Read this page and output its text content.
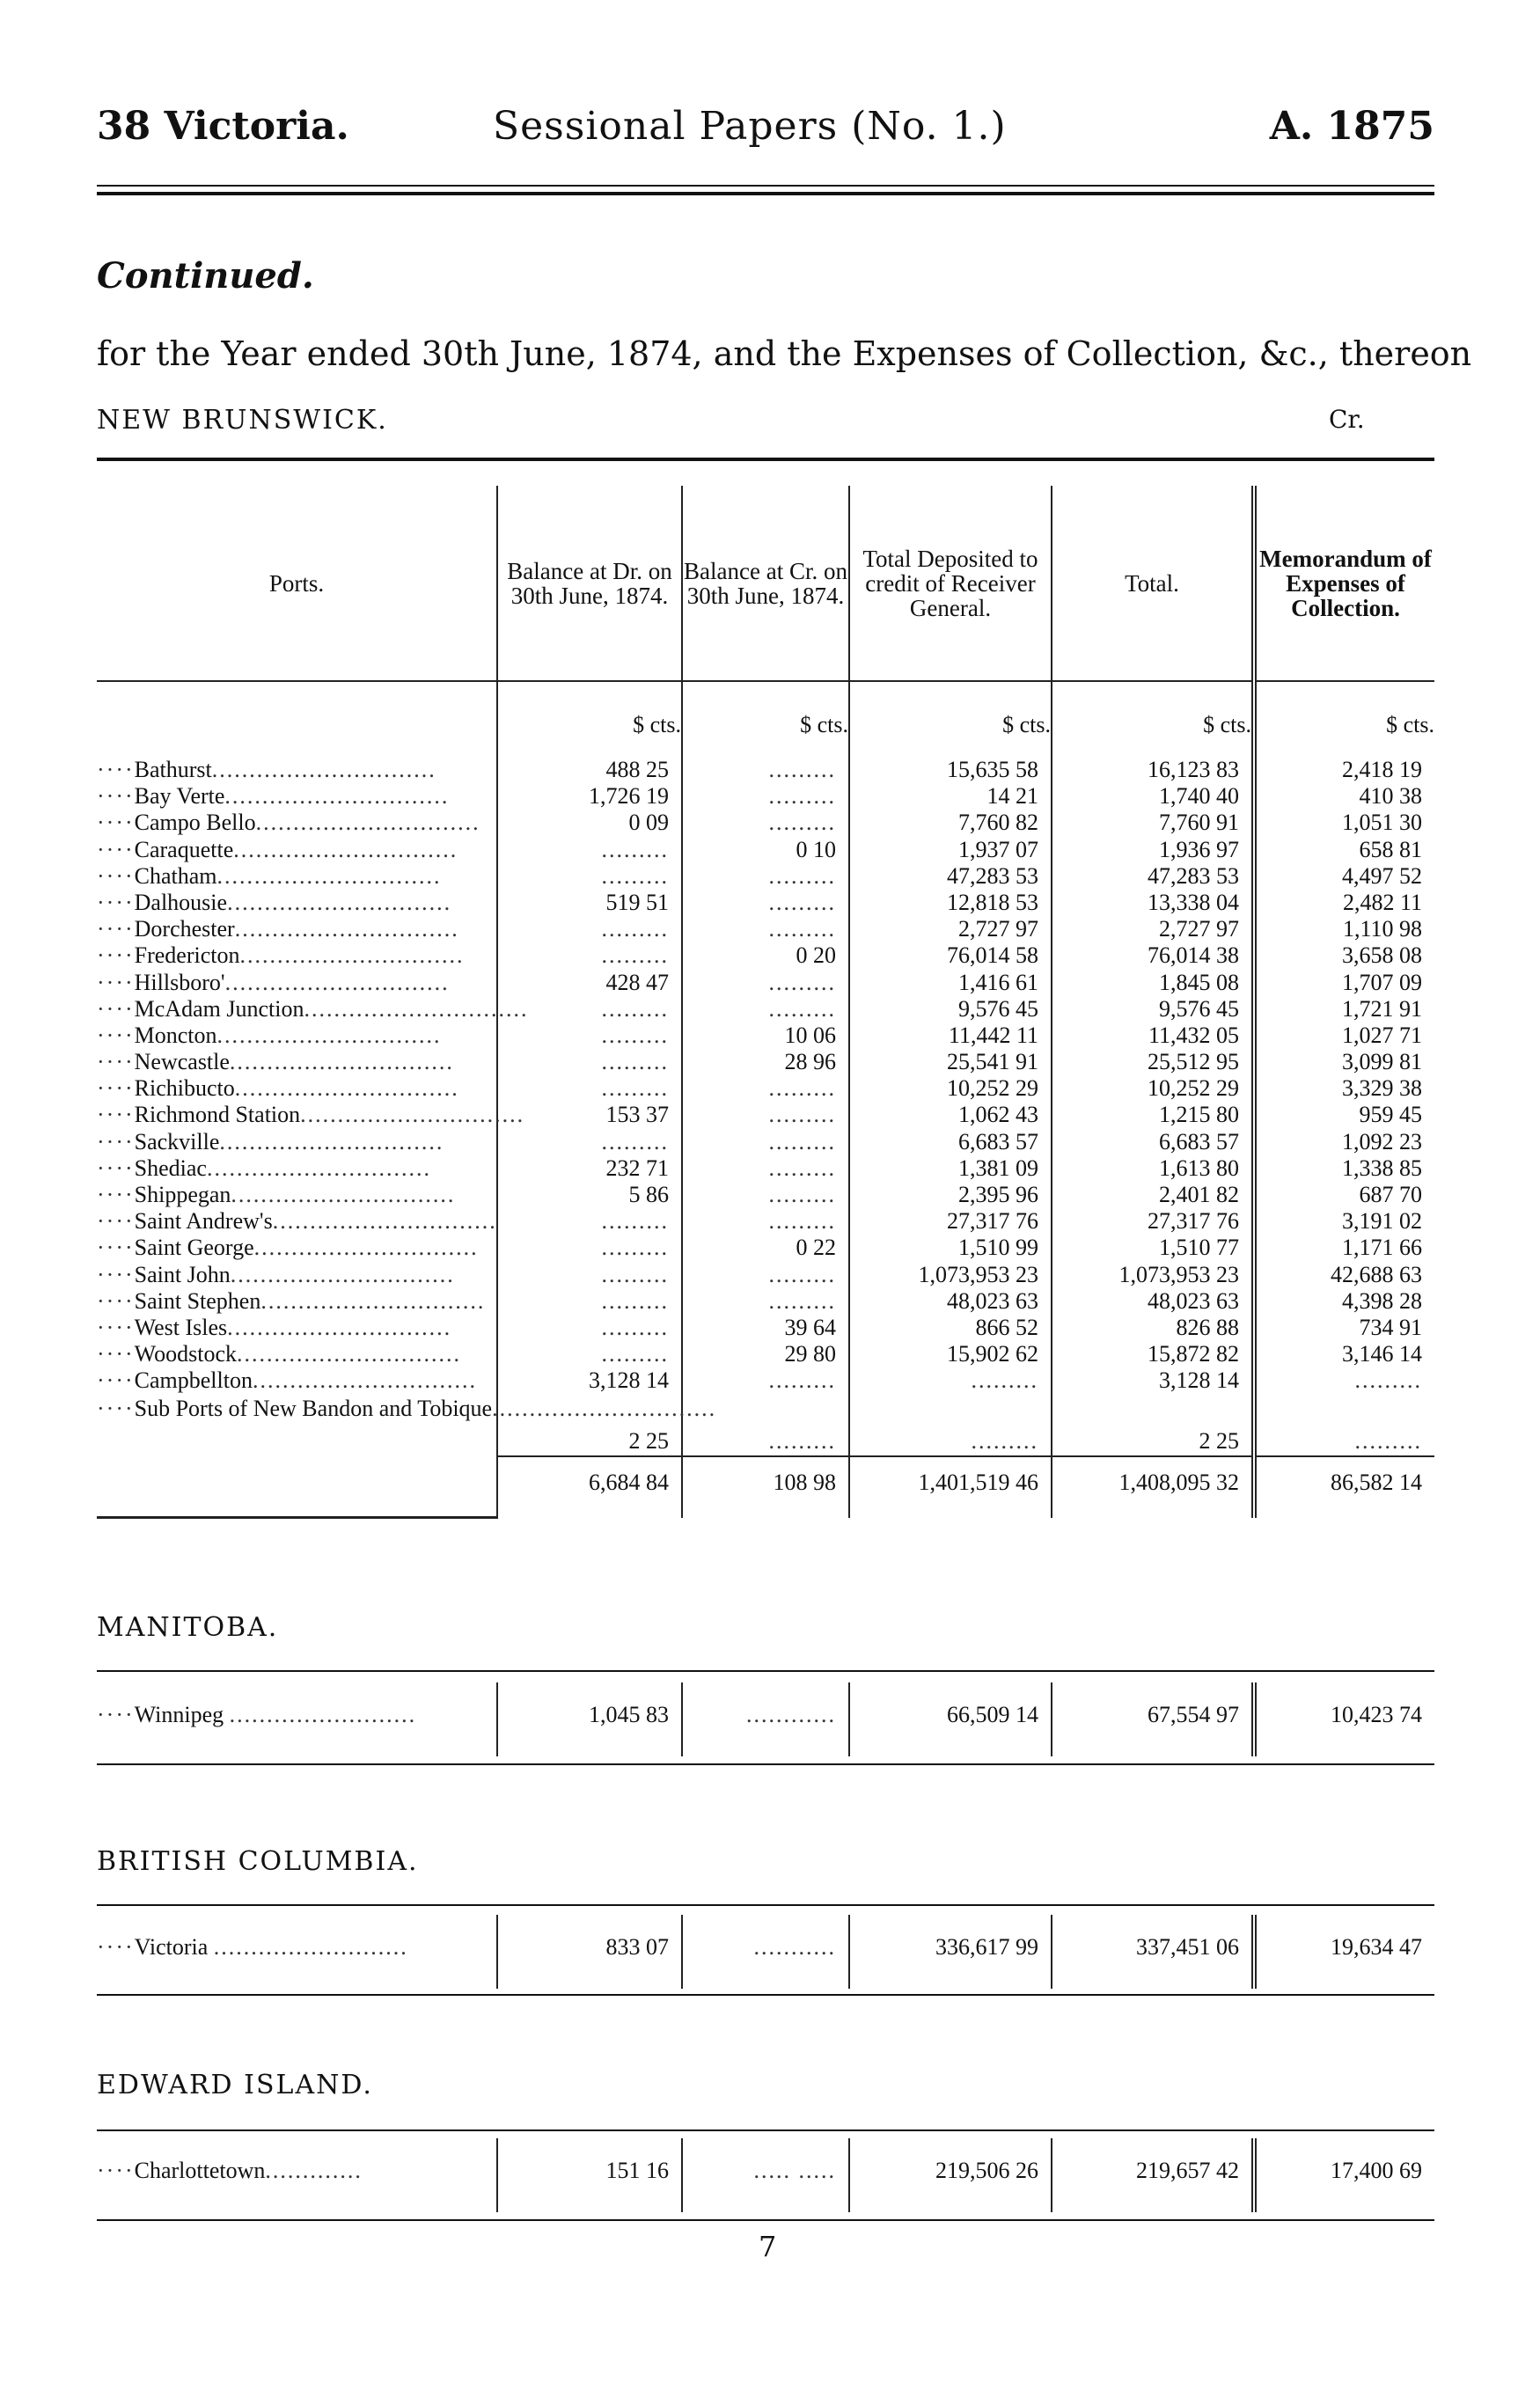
38 Victoria.	Sessional Papers (No. 1.)	A. 1875
Continued.
for the Year ended 30th June, 1874, and the Expenses of Collection, &c., thereon
NEW BRUNSWICK.	Cr.
Ports.	Balance at Dr. on 30th June, 1874.	Balance at Cr. on 30th June, 1874.	Total Deposited to credit of Receiver General.	Total.	Memorandum of Expenses of Collection.
	$ cts.	$ cts.	$ cts.	$ cts.	$ cts.
····Bathurst..............................	488 25	.........	15,635 58	16,123 83	2,418 19
····Bay Verte..............................	1,726 19	.........	14 21	1,740 40	410 38
····Campo Bello..............................	0 09	.........	7,760 82	7,760 91	1,051 30
····Caraquette..............................	.........	0 10	1,937 07	1,936 97	658 81
····Chatham..............................	.........	.........	47,283 53	47,283 53	4,497 52
····Dalhousie..............................	519 51	.........	12,818 53	13,338 04	2,482 11
····Dorchester..............................	.........	.........	2,727 97	2,727 97	1,110 98
····Fredericton..............................	.........	0 20	76,014 58	76,014 38	3,658 08
····Hillsboro'..............................	428 47	.........	1,416 61	1,845 08	1,707 09
····McAdam Junction..............................	.........	.........	9,576 45	9,576 45	1,721 91
····Moncton..............................	.........	10 06	11,442 11	11,432 05	1,027 71
····Newcastle..............................	.........	28 96	25,541 91	25,512 95	3,099 81
····Richibucto..............................	.........	.........	10,252 29	10,252 29	3,329 38
····Richmond Station..............................	153 37	.........	1,062 43	1,215 80	959 45
····Sackville..............................	.........	.........	6,683 57	6,683 57	1,092 23
····Shediac..............................	232 71	.........	1,381 09	1,613 80	1,338 85
····Shippegan..............................	5 86	.........	2,395 96	2,401 82	687 70
····Saint Andrew's..............................	.........	.........	27,317 76	27,317 76	3,191 02
····Saint George..............................	.........	0 22	1,510 99	1,510 77	1,171 66
····Saint John..............................	.........	.........	1,073,953 23	1,073,953 23	42,688 63
····Saint Stephen..............................	.........	.........	48,023 63	48,023 63	4,398 28
····West Isles..............................	.........	39 64	866 52	826 88	734 91
····Woodstock..............................	.........	29 80	15,902 62	15,872 82	3,146 14
····Campbellton..............................	3,128 14	.........	.........	3,128 14	.........
····Sub Ports of New Bandon and Tobique..............................	2 25	.........	.........	2 25	.........
	6,684 84	108 98	1,401,519 46	1,408,095 32	86,582 14
MANITOBA.
····Winnipeg .........................	1,045 83	............	66,509 14	67,554 97	10,423 74
BRITISH COLUMBIA.
····Victoria ..........................	833 07	...........	336,617 99	337,451 06	19,634 47
EDWARD ISLAND.
····Charlottetown.............	151 16	..... .....	219,506 26	219,657 42	17,400 69
7
